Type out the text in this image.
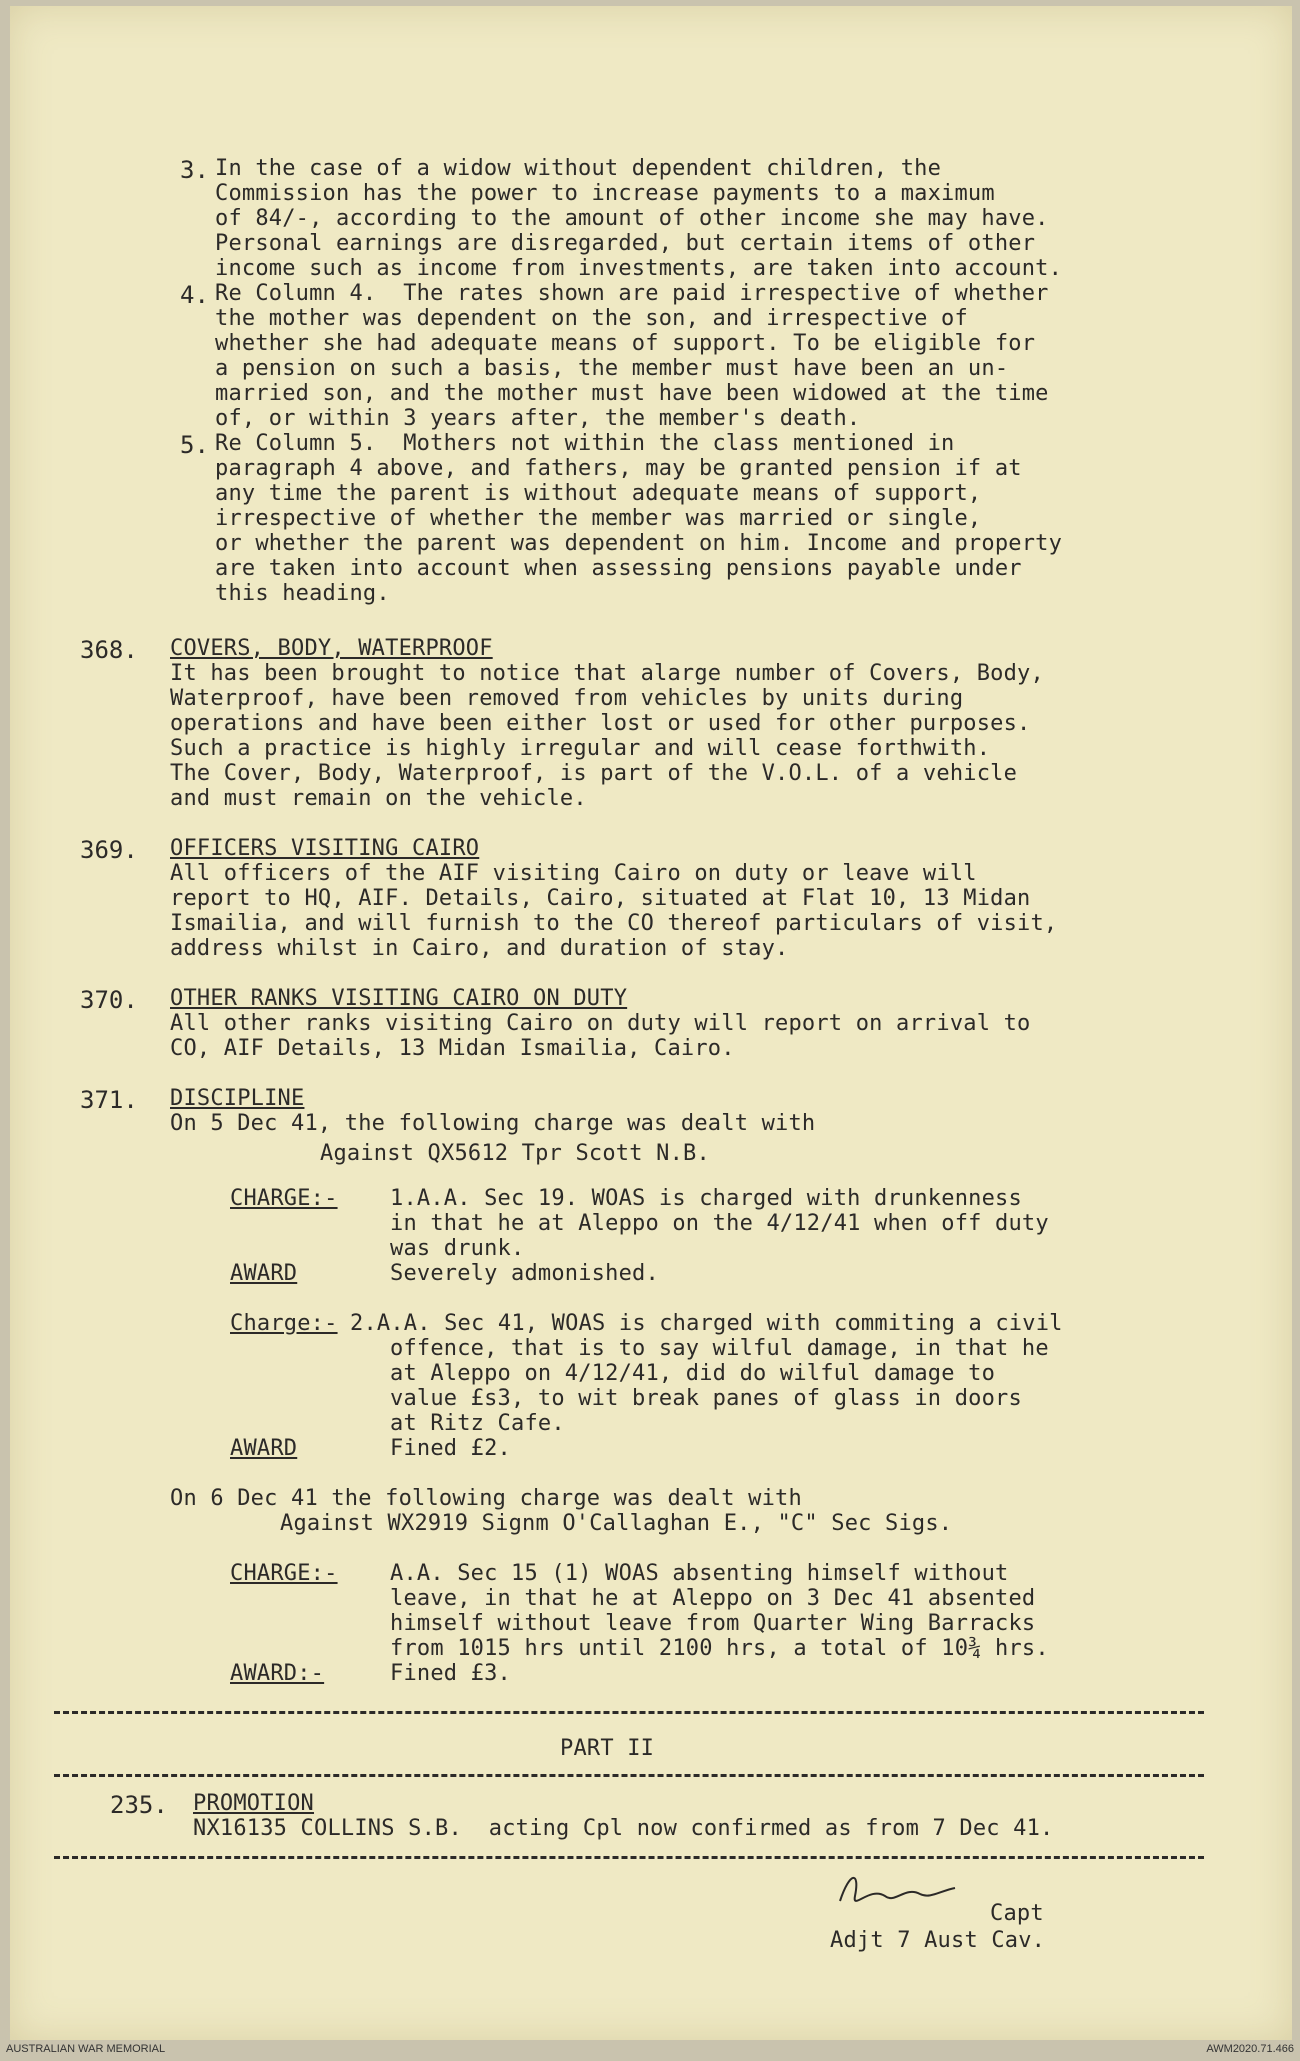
3. In the case of a widow without dependent children, the
Commission has the power to increase payments to a maximum
of 84/-, according to the amount of other income she may have.
Personal earnings are disregarded, but certain items of other
income such as income from investments, are taken into account.
4. Re Column 4.  The rates shown are paid irrespective of whether
the mother was dependent on the son, and irrespective of
whether she had adequate means of support. To be eligible for
a pension on such a basis, the member must have been an un-
married son, and the mother must have been widowed at the time
of, or within 3 years after, the member's death.
5. Re Column 5.  Mothers not within the class mentioned in
paragraph 4 above, and fathers, may be granted pension if at
any time the parent is without adequate means of support,
irrespective of whether the member was married or single,
or whether the parent was dependent on him. Income and property
are taken into account when assessing pensions payable under
this heading.
368. COVERS, BODY, WATERPROOF
It has been brought to notice that alarge number of Covers, Body,
Waterproof, have been removed from vehicles by units during
operations and have been either lost or used for other purposes.
Such a practice is highly irregular and will cease forthwith.
The Cover, Body, Waterproof, is part of the V.O.L. of a vehicle
and must remain on the vehicle.
369. OFFICERS VISITING CAIRO
All officers of the AIF visiting Cairo on duty or leave will
report to HQ, AIF. Details, Cairo, situated at Flat 10, 13 Midan
Ismailia, and will furnish to the CO thereof particulars of visit,
address whilst in Cairo, and duration of stay.
370. OTHER RANKS VISITING CAIRO ON DUTY
All other ranks visiting Cairo on duty will report on arrival to
CO, AIF Details, 13 Midan Ismailia, Cairo.
371. DISCIPLINE
On 5 Dec 41, the following charge was dealt with
Against QX5612 Tpr Scott N.B.
CHARGE:- 1.A.A. Sec 19. WOAS is charged with drunkenness
in that he at Aleppo on the 4/12/41 when off duty
was drunk.
AWARD	Severely admonished.
Charge:- 2.A.A. Sec 41, WOAS is charged with commiting a civil
offence, that is to say wilful damage, in that he
at Aleppo on 4/12/41, did do wilful damage to
value £s3, to wit break panes of glass in doors
at Ritz Cafe.
AWARD	Fined £2.
On 6 Dec 41 the following charge was dealt with
Against WX2919 Signm O'Callaghan E., "C" Sec Sigs.
CHARGE:- A.A. Sec 15 (1) WOAS absenting himself without
leave, in that he at Aleppo on 3 Dec 41 absented
himself without leave from Quarter Wing Barracks
from 1015 hrs until 2100 hrs, a total of 10¾ hrs.
AWARD:-	Fined £3.
PART II
235. PROMOTION
NX16135 COLLINS S.B.  acting Cpl now confirmed as from 7 Dec 41.
Capt
Adjt 7 Aust Cav.
AUSTRALIAN WAR MEMORIAL	AWM2020.71.466
